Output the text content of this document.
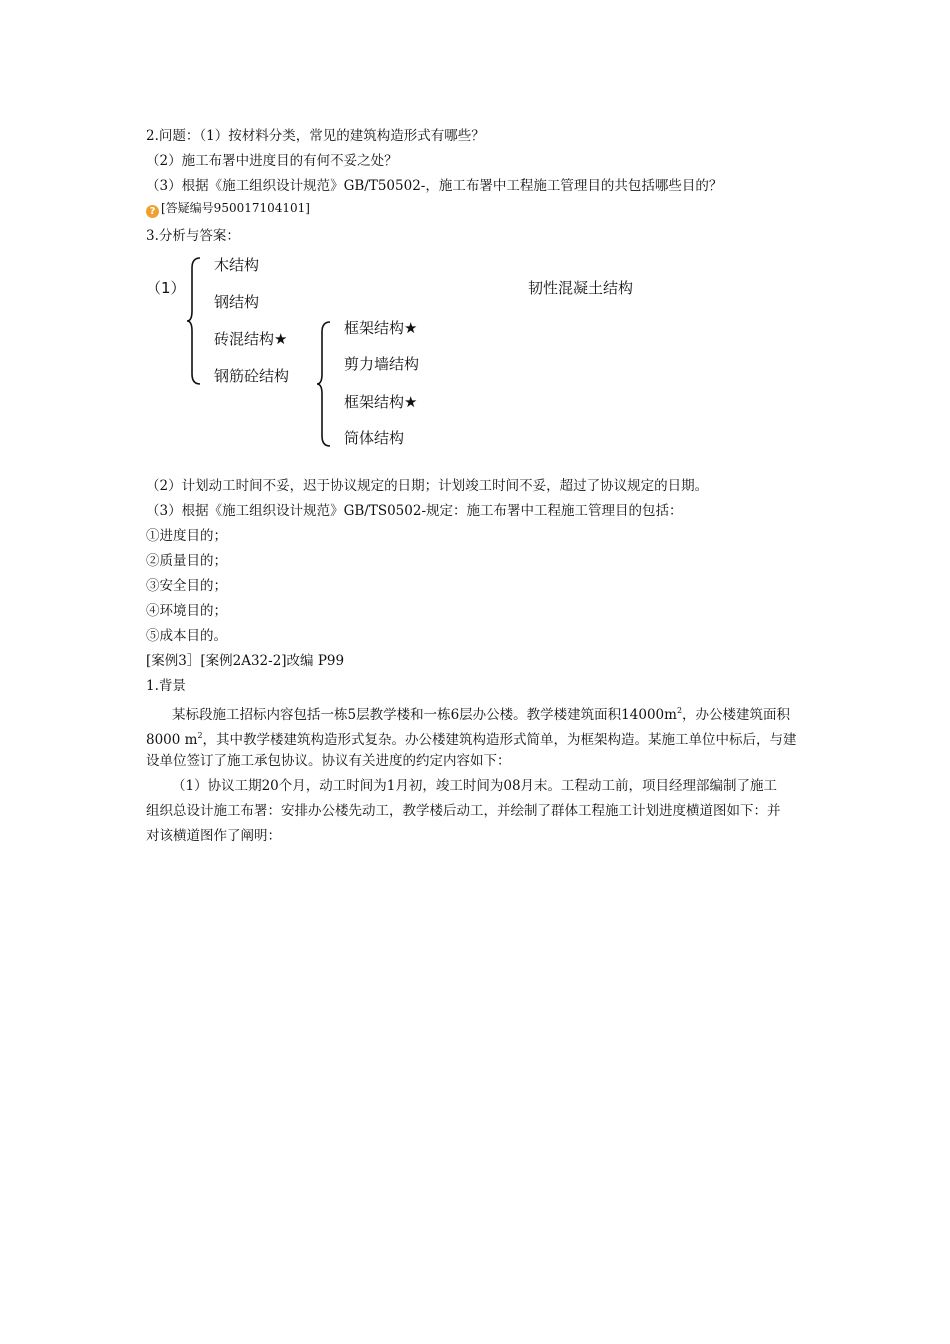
2.问题：（1）按材料分类，常见的建筑构造形式有哪些？
（2）施工布署中进度目的有何不妥之处？
（3）根据《施工组织设计规范》GB/T50502-，施工布署中工程施工管理目的共包括哪些目的？
? [答疑编号950017104101]
3.分析与答案：
（1）
木结构
钢结构
砖混结构★
钢筋砼结构
框架结构★
剪力墙结构
框架结构★
筒体结构
韧性混凝土结构
（2）计划动工时间不妥，迟于协议规定的日期；计划竣工时间不妥，超过了协议规定的日期。
（3）根据《施工组织设计规范》GB/TS0502-规定：施工布署中工程施工管理目的包括：
①进度目的；
②质量目的；
③安全目的；
④环境目的；
⑤成本目的。
[案例3］[案例2A32-2]改编 P99
1.背景
某标段施工招标内容包括一栋5层教学楼和一栋6层办公楼。教学楼建筑面积$14000m^2$，办公楼建筑面积
8000 $m^2$，其中教学楼建筑构造形式复杂。办公楼建筑构造形式简单，为框架构造。某施工单位中标后，与建
设单位签订了施工承包协议。协议有关进度的约定内容如下：
（1）协议工期20个月，动工时间为1月初，竣工时间为08月末。工程动工前，项目经理部编制了施工
组织总设计施工布署：安排办公楼先动工，教学楼后动工，并绘制了群体工程施工计划进度横道图如下：并
对该横道图作了阐明：
